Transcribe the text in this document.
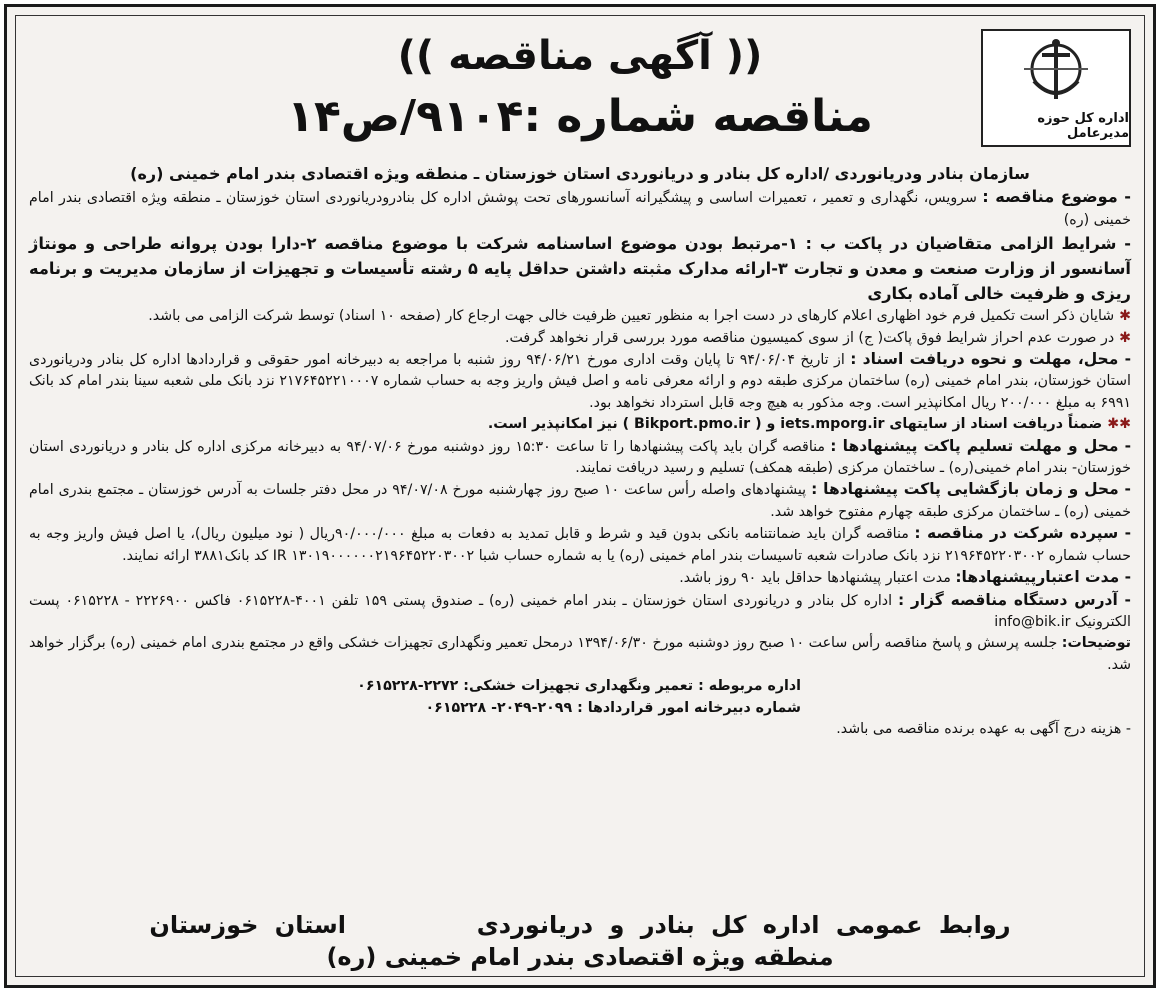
اداره کل حوزه مدیرعامل
(( آگهی مناقصه ))
مناقصه شماره :۹۱۰۴/ص۱۴

سازمان بنادر ودریانوردی /اداره کل بنادر و دریانوردی استان خوزستان ـ منطقه ویژه اقتصادی بندر امام خمینی (ره)

- موضوع مناقصه : سرویس، نگهداری و تعمیر ، تعمیرات اساسی و پیشگیرانه آسانسورهای تحت پوشش اداره کل بنادرودریانوردی استان خوزستان ـ منطقه ویژه اقتصادی بندر امام خمینی (ره)

- شرایط الزامی متقاضیان در پاکت ب : ۱-مرتبط بودن موضوع اساسنامه شرکت با موضوع مناقصه ۲-دارا بودن پروانه طراحی و مونتاژ آسانسور از وزارت صنعت و معدن و تجارت ۳-ارائه مدارک مثبته داشتن حداقل پایه ۵ رشته تأسیسات و تجهیزات از سازمان مدیریت و برنامه ریزی و ظرفیت خالی آماده بکاری

✱ شایان ذکر است تکمیل فرم خود اظهاری اعلام کارهای در دست اجرا به منظور تعیین ظرفیت خالی جهت ارجاع کار (صفحه ۱۰ اسناد) توسط شرکت الزامی می باشد.

✱ در صورت عدم احراز شرایط فوق پاکت( ج) از سوی کمیسیون مناقصه مورد بررسی قرار نخواهد گرفت.

- محل، مهلت و نحوه دریافت اسناد : از تاریخ ۹۴/۰۶/۰۴ تا پایان وقت اداری مورخ ۹۴/۰۶/۲۱ روز شنبه با مراجعه به دبیرخانه امور حقوقی و قراردادها اداره کل بنادر ودریانوردی استان خوزستان، بندر امام خمینی (ره) ساختمان مرکزی طبقه دوم و ارائه معرفی نامه و اصل فیش واریز وجه به حساب شماره ۲۱۷۶۴۵۲۲۱۰۰۰۷ نزد بانک ملی شعبه سینا بندر امام کد بانک ۶۹۹۱ به مبلغ ۲۰۰/۰۰۰ ریال امکانپذیر است. وجه مذکور به هیچ وجه قابل استرداد نخواهد بود.

✱✱ ضمناً دریافت اسناد از سایتهای iets.mporg.ir و ( Bikport.pmo.ir ) نیز امکانپذیر است.

- محل و مهلت تسلیم پاکت پیشنهادها : مناقصه گران باید پاکت پیشنهادها را تا ساعت ۱۵:۳۰ روز دوشنبه مورخ ۹۴/۰۷/۰۶ به دبیرخانه مرکزی اداره کل بنادر و دریانوردی استان خوزستان- بندر امام خمینی(ره) ـ ساختمان مرکزی (طبقه همکف) تسلیم و رسید دریافت نمایند.

- محل و زمان بازگشایی پاکت پیشنهادها : پیشنهادهای واصله رأس ساعت ۱۰ صبح روز چهارشنبه مورخ ۹۴/۰۷/۰۸ در محل دفتر جلسات به آدرس خوزستان ـ مجتمع بندری امام خمینی (ره) ـ ساختمان مرکزی طبقه چهارم مفتوح خواهد شد.

- سپرده شرکت در مناقصه : مناقصه گران باید ضمانتنامه بانکی بدون قید و شرط و قابل تمدید به دفعات به مبلغ ۹۰/۰۰۰/۰۰۰ریال ( نود میلیون ریال)، یا اصل فیش واریز وجه به حساب شماره ۲۱۹۶۴۵۲۲۰۳۰۰۲ نزد بانک صادرات شعبه تاسیسات بندر امام خمینی (ره) یا به شماره حساب شبا IR ۱۳۰۱۹۰۰۰۰۰۰۲۱۹۶۴۵۲۲۰۳۰۰۲ کد بانک۳۸۸۱ ارائه نمایند.

- مدت اعتبارپیشنهادها: مدت اعتبار پیشنهادها حداقل باید ۹۰ روز باشد.

- آدرس دستگاه مناقصه گزار : اداره کل بنادر و دریانوردی استان خوزستان ـ بندر امام خمینی (ره) ـ صندوق پستی ۱۵۹ تلفن ۴۰۰۱-۰۶۱۵۲۲۸ فاکس ۲۲۲۶۹۰۰ - ۰۶۱۵۲۲۸ پست الکترونیک info@bik.ir

توضیحات: جلسه پرسش و پاسخ مناقصه رأس ساعت ۱۰ صبح روز دوشنبه مورخ ۱۳۹۴/۰۶/۳۰ درمحل تعمیر ونگهداری تجهیزات خشکی واقع در مجتمع بندری امام خمینی (ره) برگزار خواهد شد.

اداره مربوطه : تعمیر ونگهداری تجهیزات خشکی: ۲۲۷۲-۰۶۱۵۲۲۸

شماره دبیرخانه امور قراردادها : ۲۰۹۹-۲۰۴۹- ۰۶۱۵۲۲۸

- هزینه درج آگهی به عهده برنده مناقصه می باشد.

روابط عمومی اداره کل بنادر و دریانوردی        استان خوزستان
منطقه ویژه اقتصادی بندر امام خمینی (ره)
